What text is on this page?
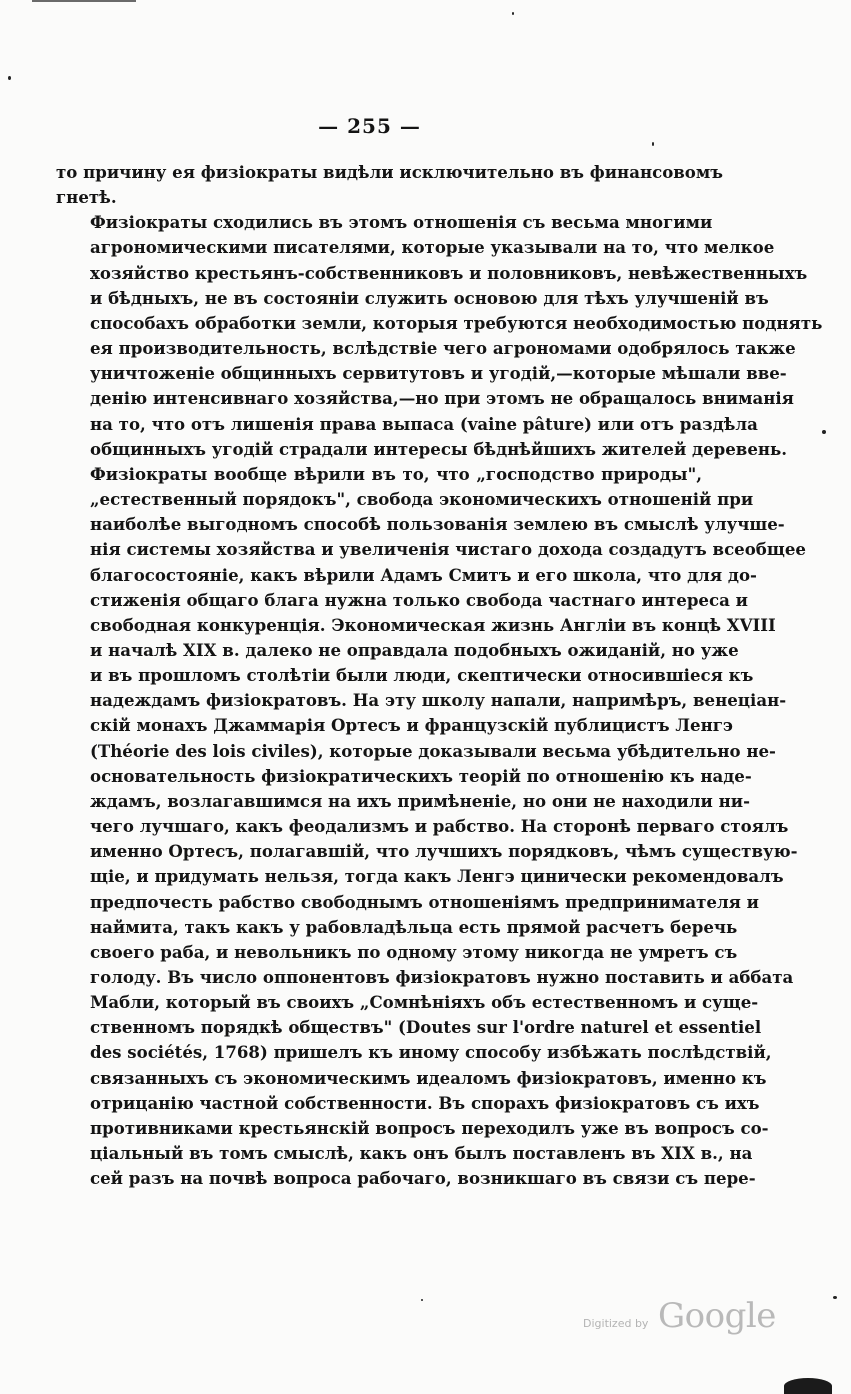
— 255 —

то причину ея физіократы видѣли исключительно въ финансовомъ
гнетѣ.

Физіократы сходились въ этомъ отношенія съ весьма многими
агрономическими писателями, которые указывали на то, что мелкое
хозяйство крестьянъ-собственниковъ и половниковъ, невѣжественныхъ
и бѣдныхъ, не въ состояніи служить основою для тѣхъ улучшеній въ
способахъ обработки земли, которыя требуются необходимостью поднять
ея производительность, вслѣдствіе чего агрономами одобрялось также
уничтоженіе общинныхъ сервитутовъ и угодій,—которые мѣшали вве-
денію интенсивнаго хозяйства,—но при этомъ не обращалось вниманія
на то, что отъ лишенія права выпаса (vaine pâture) или отъ раздѣла
общинныхъ угодій страдали интересы бѣднѣйшихъ жителей деревень.

Физіократы вообще вѣрили въ то, что „господство природы",
„естественный порядокъ", свобода экономическихъ отношеній при
наиболѣе выгодномъ способѣ пользованія землею въ смыслѣ улучше-
нія системы хозяйства и увеличенія чистаго дохода создадутъ всеобщее
благосостояніе, какъ вѣрили Адамъ Смитъ и его школа, что для до-
стиженія общаго блага нужна только свобода частнаго интереса и
свободная конкуренція. Экономическая жизнь Англіи въ концѣ XVIII
и началѣ XIX в. далеко не оправдала подобныхъ ожиданій, но уже
и въ прошломъ столѣтіи были люди, скептически относившіеся къ
надеждамъ физіократовъ. На эту школу напали, напримѣръ, венеціан-
скій монахъ Джаммарія Ортесъ и французскій публицистъ Ленгэ
(Théorie des lois civiles), которые доказывали весьма убѣдительно не-
основательность физіократическихъ теорій по отношенію къ наде-
ждамъ, возлагавшимся на ихъ примѣненіе, но они не находили ни-
чего лучшаго, какъ феодализмъ и рабство. На сторонѣ перваго стоялъ
именно Ортесъ, полагавшій, что лучшихъ порядковъ, чѣмъ существую-
щіе, и придумать нельзя, тогда какъ Ленгэ цинически рекомендовалъ
предпочесть рабство свободнымъ отношеніямъ предпринимателя и
наймита, такъ какъ у рабовладѣльца есть прямой расчетъ беречь
своего раба, и невольникъ по одному этому никогда не умретъ съ
голоду. Въ число оппонентовъ физіократовъ нужно поставить и аббата
Мабли, который въ своихъ „Сомнѣніяхъ объ естественномъ и суще-
ственномъ порядкѣ обществъ" (Doutes sur l'ordre naturel et essentiel
des sociétés, 1768) пришелъ къ иному способу избѣжать послѣдствій,
связанныхъ съ экономическимъ идеаломъ физіократовъ, именно къ
отрицанію частной собственности. Въ спорахъ физіократовъ съ ихъ
противниками крестьянскій вопросъ переходилъ уже въ вопросъ со-
ціальный въ томъ смыслѣ, какъ онъ былъ поставленъ въ XIX в., на
сей разъ на почвѣ вопроса рабочаго, возникшаго въ связи съ пере-

Digitized by Google
